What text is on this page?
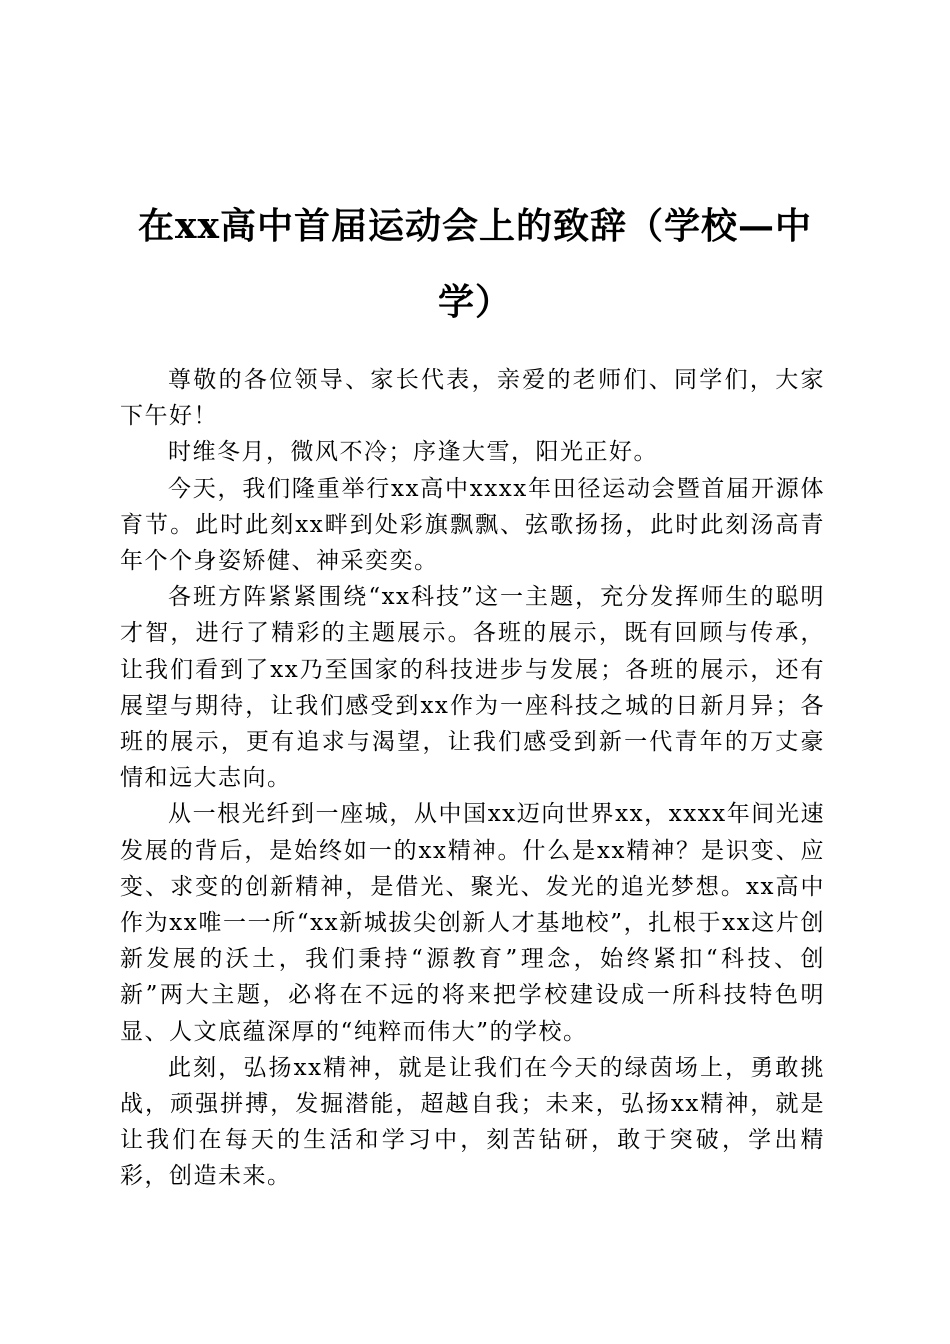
在xx高中首届运动会上的致辞（学校—中学）

尊敬的各位领导、家长代表，亲爱的老师们、同学们，大家下午好！

时维冬月，微风不冷；序逢大雪，阳光正好。

今天，我们隆重举行xx高中xxxx年田径运动会暨首届开源体育节。此时此刻xx畔到处彩旗飘飘、弦歌扬扬，此时此刻汤高青年个个身姿矫健、神采奕奕。

各班方阵紧紧围绕“xx科技”这一主题，充分发挥师生的聪明才智，进行了精彩的主题展示。各班的展示，既有回顾与传承，让我们看到了xx乃至国家的科技进步与发展；各班的展示，还有展望与期待，让我们感受到xx作为一座科技之城的日新月异；各班的展示，更有追求与渴望，让我们感受到新一代青年的万丈豪情和远大志向。

从一根光纤到一座城，从中国xx迈向世界xx，xxxx年间光速发展的背后，是始终如一的xx精神。什么是xx精神？是识变、应变、求变的创新精神，是借光、聚光、发光的追光梦想。xx高中作为xx唯一一所“xx新城拔尖创新人才基地校”，扎根于xx这片创新发展的沃土，我们秉持“源教育”理念，始终紧扣“科技、创新”两大主题，必将在不远的将来把学校建设成一所科技特色明显、人文底蕴深厚的“纯粹而伟大”的学校。

此刻，弘扬xx精神，就是让我们在今天的绿茵场上，勇敢挑战，顽强拼搏，发掘潜能，超越自我；未来，弘扬xx精神，就是让我们在每天的生活和学习中，刻苦钻研，敢于突破，学出精彩，创造未来。
